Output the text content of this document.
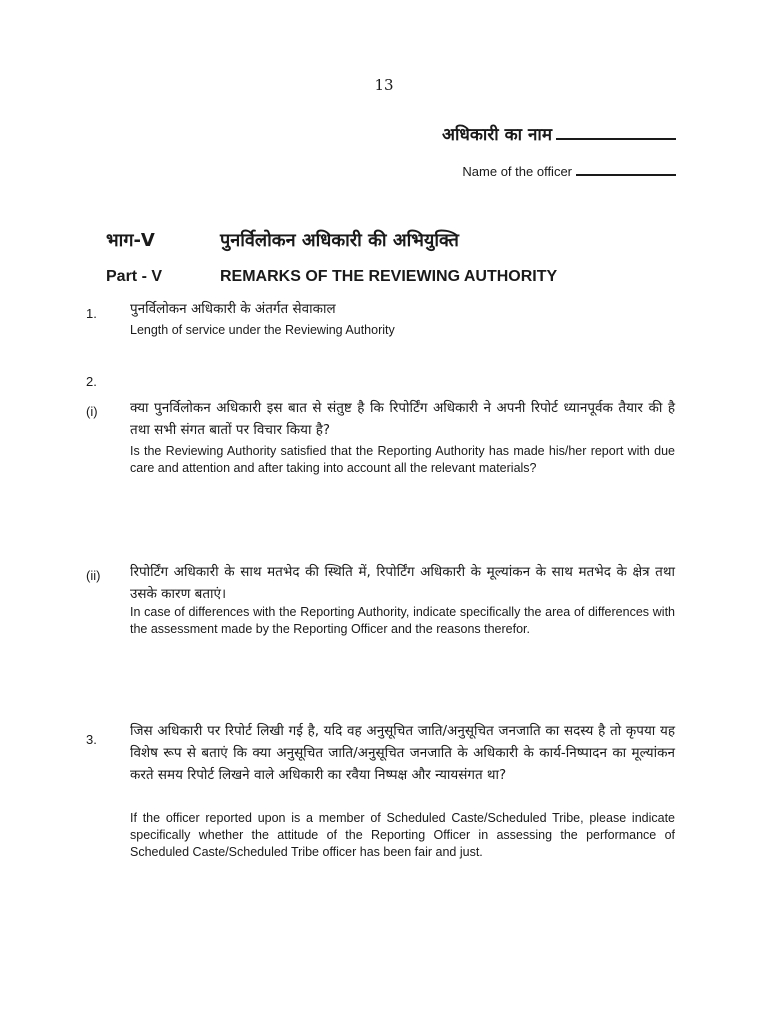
13
अधिकारी का नाम
Name of the officer
भाग-V	पुनर्विलोकन अधिकारी की अभियुक्ति
Part - V	REMARKS OF THE REVIEWING AUTHORITY
1. पुनर्विलोकन अधिकारी के अंतर्गत सेवाकाल
Length of service under the Reviewing Authority
2.
(i) क्या पुनर्विलोकन अधिकारी इस बात से संतुष्ट है कि रिपोर्टिंग अधिकारी ने अपनी रिपोर्ट ध्यानपूर्वक तैयार की है तथा सभी संगत बातों पर विचार किया है?
Is the Reviewing Authority satisfied that the Reporting Authority has made his/her report with due care and attention and after taking into account all the relevant materials?
(ii) रिपोर्टिंग अधिकारी के साथ मतभेद की स्थिति में, रिपोर्टिंग अधिकारी के मूल्यांकन के साथ मतभेद के क्षेत्र तथा उसके कारण बताएं।
In case of differences with the Reporting Authority, indicate specifically the area of differences with the assessment made by the Reporting Officer and the reasons therefor.
3.
जिस अधिकारी पर रिपोर्ट लिखी गई है, यदि वह अनुसूचित जाति/अनुसूचित जनजाति का सदस्य है तो कृपया यह विशेष रूप से बताएं कि क्या अनुसूचित जाति/अनुसूचित जनजाति के अधिकारी के कार्य-निष्पादन का मूल्यांकन करते समय रिपोर्ट लिखने वाले अधिकारी का रवैया निष्पक्ष और न्यायसंगत था?
If the officer reported upon is a member of Scheduled Caste/Scheduled Tribe, please indicate specifically whether the attitude of the Reporting Officer in assessing the performance of Scheduled Caste/Scheduled Tribe officer has been fair and just.
